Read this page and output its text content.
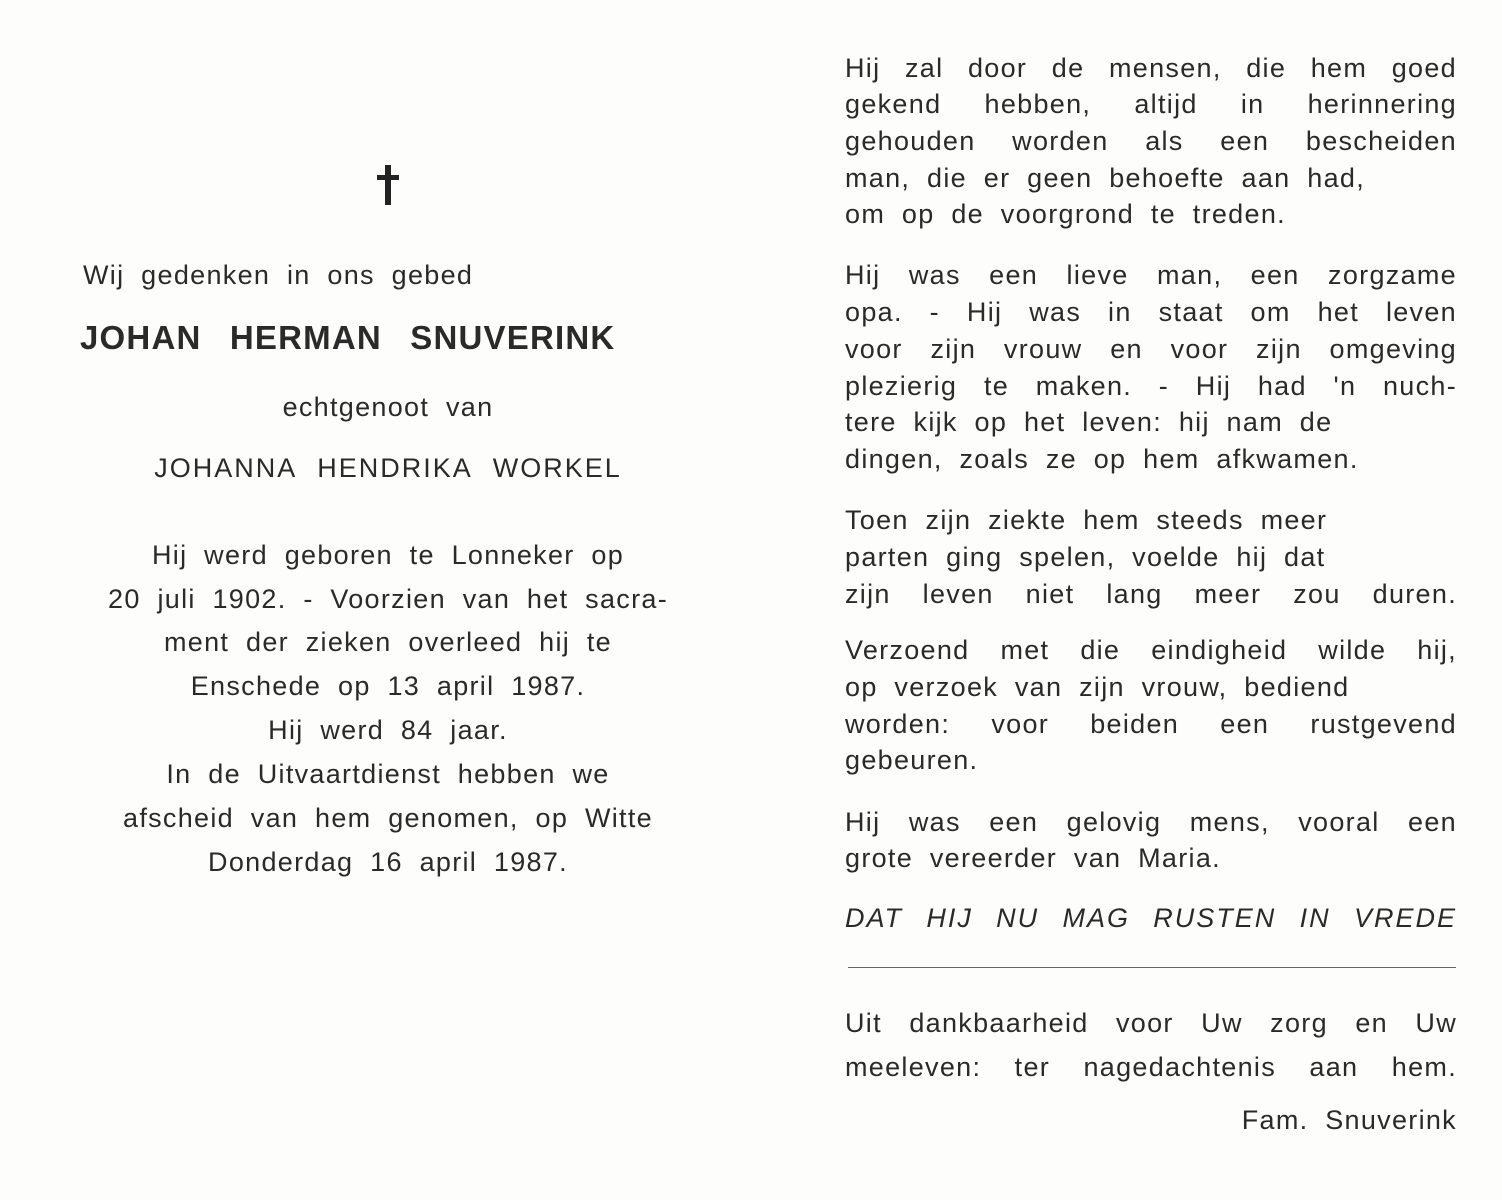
Wij gedenken in ons gebed
JOHAN HERMAN SNUVERINK
echtgenoot van
JOHANNA HENDRIKA WORKEL
Hij werd geboren te Lonneker op
20 juli 1902. - Voorzien van het sacra-
ment der zieken overleed hij te
Enschede op 13 april 1987.
Hij werd 84 jaar.
In de Uitvaartdienst hebben we
afscheid van hem genomen, op Witte
Donderdag 16 april 1987.
Hij zal door de mensen, die hem goed
gekend hebben, altijd in herinnering
gehouden worden als een bescheiden
man, die er geen behoefte aan had,
om op de voorgrond te treden.
Hij was een lieve man, een zorgzame
opa. - Hij was in staat om het leven
voor zijn vrouw en voor zijn omgeving
plezierig te maken. - Hij had 'n nuch-
tere kijk op het leven: hij nam de
dingen, zoals ze op hem afkwamen.
Toen zijn ziekte hem steeds meer
parten ging spelen, voelde hij dat
zijn leven niet lang meer zou duren.
Verzoend met die eindigheid wilde hij,
op verzoek van zijn vrouw, bediend
worden: voor beiden een rustgevend
gebeuren.
Hij was een gelovig mens, vooral een
grote vereerder van Maria.
DAT HIJ NU MAG RUSTEN IN VREDE
Uit dankbaarheid voor Uw zorg en Uw
meeleven: ter nagedachtenis aan hem.
Fam. Snuverink
